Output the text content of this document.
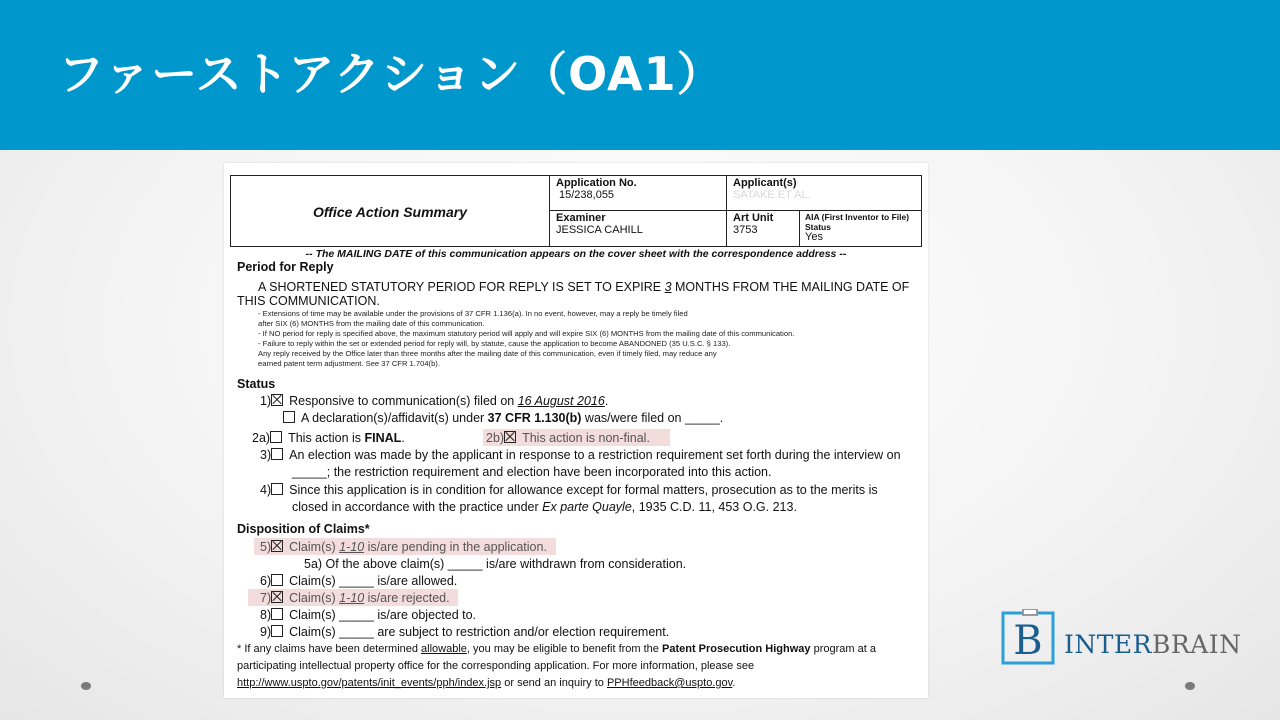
ファーストアクション（OA1）
Office Action Summary
Application No.
15/238,055
Applicant(s)
SATAKE ET AL.
Examiner
JESSICA CAHILL
Art Unit
3753
AIA (First Inventor to File)
Status
Yes
-- The MAILING DATE of this communication appears on the cover sheet with the correspondence address --
Period for Reply
A SHORTENED STATUTORY PERIOD FOR REPLY IS SET TO EXPIRE 3 MONTHS FROM THE MAILING DATE OF
THIS COMMUNICATION.
- Extensions of time may be available under the provisions of 37 CFR 1.136(a). In no event, however, may a reply be timely filed
after SIX (6) MONTHS from the mailing date of this communication.
- If NO period for reply is specified above, the maximum statutory period will apply and will expire SIX (6) MONTHS from the mailing date of this communication.
- Failure to reply within the set or extended period for reply will, by statute, cause the application to become ABANDONED (35 U.S.C. § 133).
Any reply received by the Office later than three months after the mailing date of this communication, even if timely filed, may reduce any
earned patent term adjustment. See 37 CFR 1.704(b).
Status
1) Responsive to communication(s) filed on 16 August 2016.
A declaration(s)/affidavit(s) under 37 CFR 1.130(b) was/were filed on _____.
2a) This action is FINAL.	2b) This action is non-final.
3) An election was made by the applicant in response to a restriction requirement set forth during the interview on
_____; the restriction requirement and election have been incorporated into this action.
4) Since this application is in condition for allowance except for formal matters, prosecution as to the merits is
closed in accordance with the practice under Ex parte Quayle, 1935 C.D. 11, 453 O.G. 213.
Disposition of Claims*
5) Claim(s) 1-10 is/are pending in the application.
5a) Of the above claim(s) _____ is/are withdrawn from consideration.
6) Claim(s) _____ is/are allowed.
7) Claim(s) 1-10 is/are rejected.
8) Claim(s) _____ is/are objected to.
9) Claim(s) _____ are subject to restriction and/or election requirement.
* If any claims have been determined allowable, you may be eligible to benefit from the Patent Prosecution Highway program at a
participating intellectual property office for the corresponding application. For more information, please see
http://www.uspto.gov/patents/init_events/pph/index.jsp or send an inquiry to PPHfeedback@uspto.gov.
B INTERBRAIN
